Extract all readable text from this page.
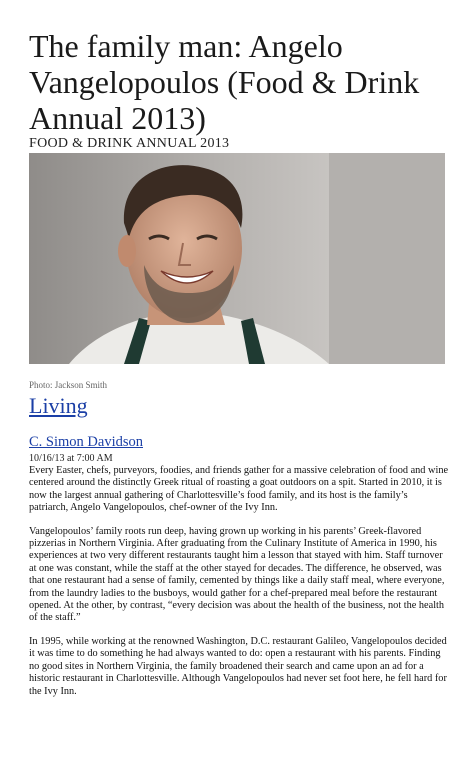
The family man: Angelo Vangelopoulos (Food & Drink Annual 2013)
FOOD & DRINK ANNUAL 2013
Photo: Jackson Smith
Living
C. Simon Davidson
10/16/13 at 7:00 AM

Every Easter, chefs, purveyors, foodies, and friends gather for a massive celebration of food and wine centered around the distinctly Greek ritual of roasting a goat outdoors on a spit. Started in 2010, it is now the largest annual gathering of Charlottesville’s food family, and its host is the family’s patriarch, Angelo Vangelopoulos, chef-owner of the Ivy Inn.

Vangelopoulos’ family roots run deep, having grown up working in his parents’ Greek-flavored pizzerias in Northern Virginia. After graduating from the Culinary Institute of America in 1990, his experiences at two very different restaurants taught him a lesson that stayed with him. Staff turnover at one was constant, while the staff at the other stayed for decades. The difference, he observed, was that one restaurant had a sense of family, cemented by things like a daily staff meal, where everyone, from the laundry ladies to the busboys, would gather for a chef-prepared meal before the restaurant opened. At the other, by contrast, “every decision was about the health of the business, not the health of the staff.”

In 1995, while working at the renowned Washington, D.C. restaurant Galileo, Vangelopoulos decided it was time to do something he had always wanted to do: open a restaurant with his parents. Finding no good sites in Northern Virginia, the family broadened their search and came upon an ad for a historic restaurant in Charlottesville. Although Vangelopoulos had never set foot here, he fell hard for the Ivy Inn.
